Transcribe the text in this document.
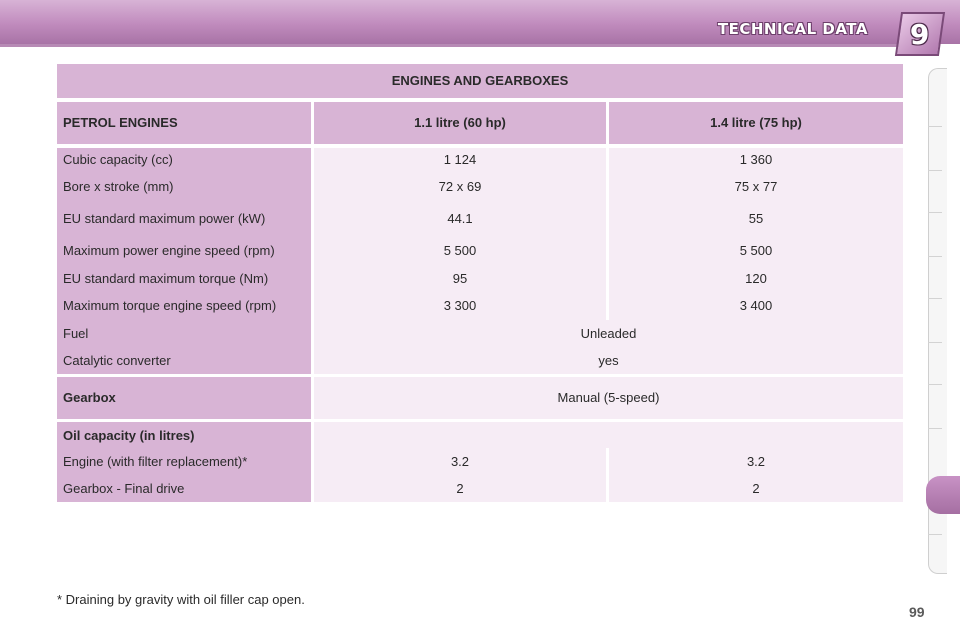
TECHNICAL DATA 9
ENGINES AND GEARBOXES
PETROL ENGINES	1.1 litre (60 hp)	1.4 litre (75 hp)
Cubic capacity (cc)	1 124	1 360
Bore x stroke (mm)	72 x 69	75 x 77
EU standard maximum power (kW)	44.1	55
Maximum power engine speed (rpm)	5 500	5 500
EU standard maximum torque (Nm)	95	120
Maximum torque engine speed (rpm)	3 300	3 400
Fuel	Unleaded
Catalytic converter	yes
Gearbox	Manual (5-speed)
Oil capacity (in litres)
Engine (with filter replacement)*	3.2	3.2
Gearbox - Final drive	2	2
* Draining by gravity with oil filler cap open.
99
